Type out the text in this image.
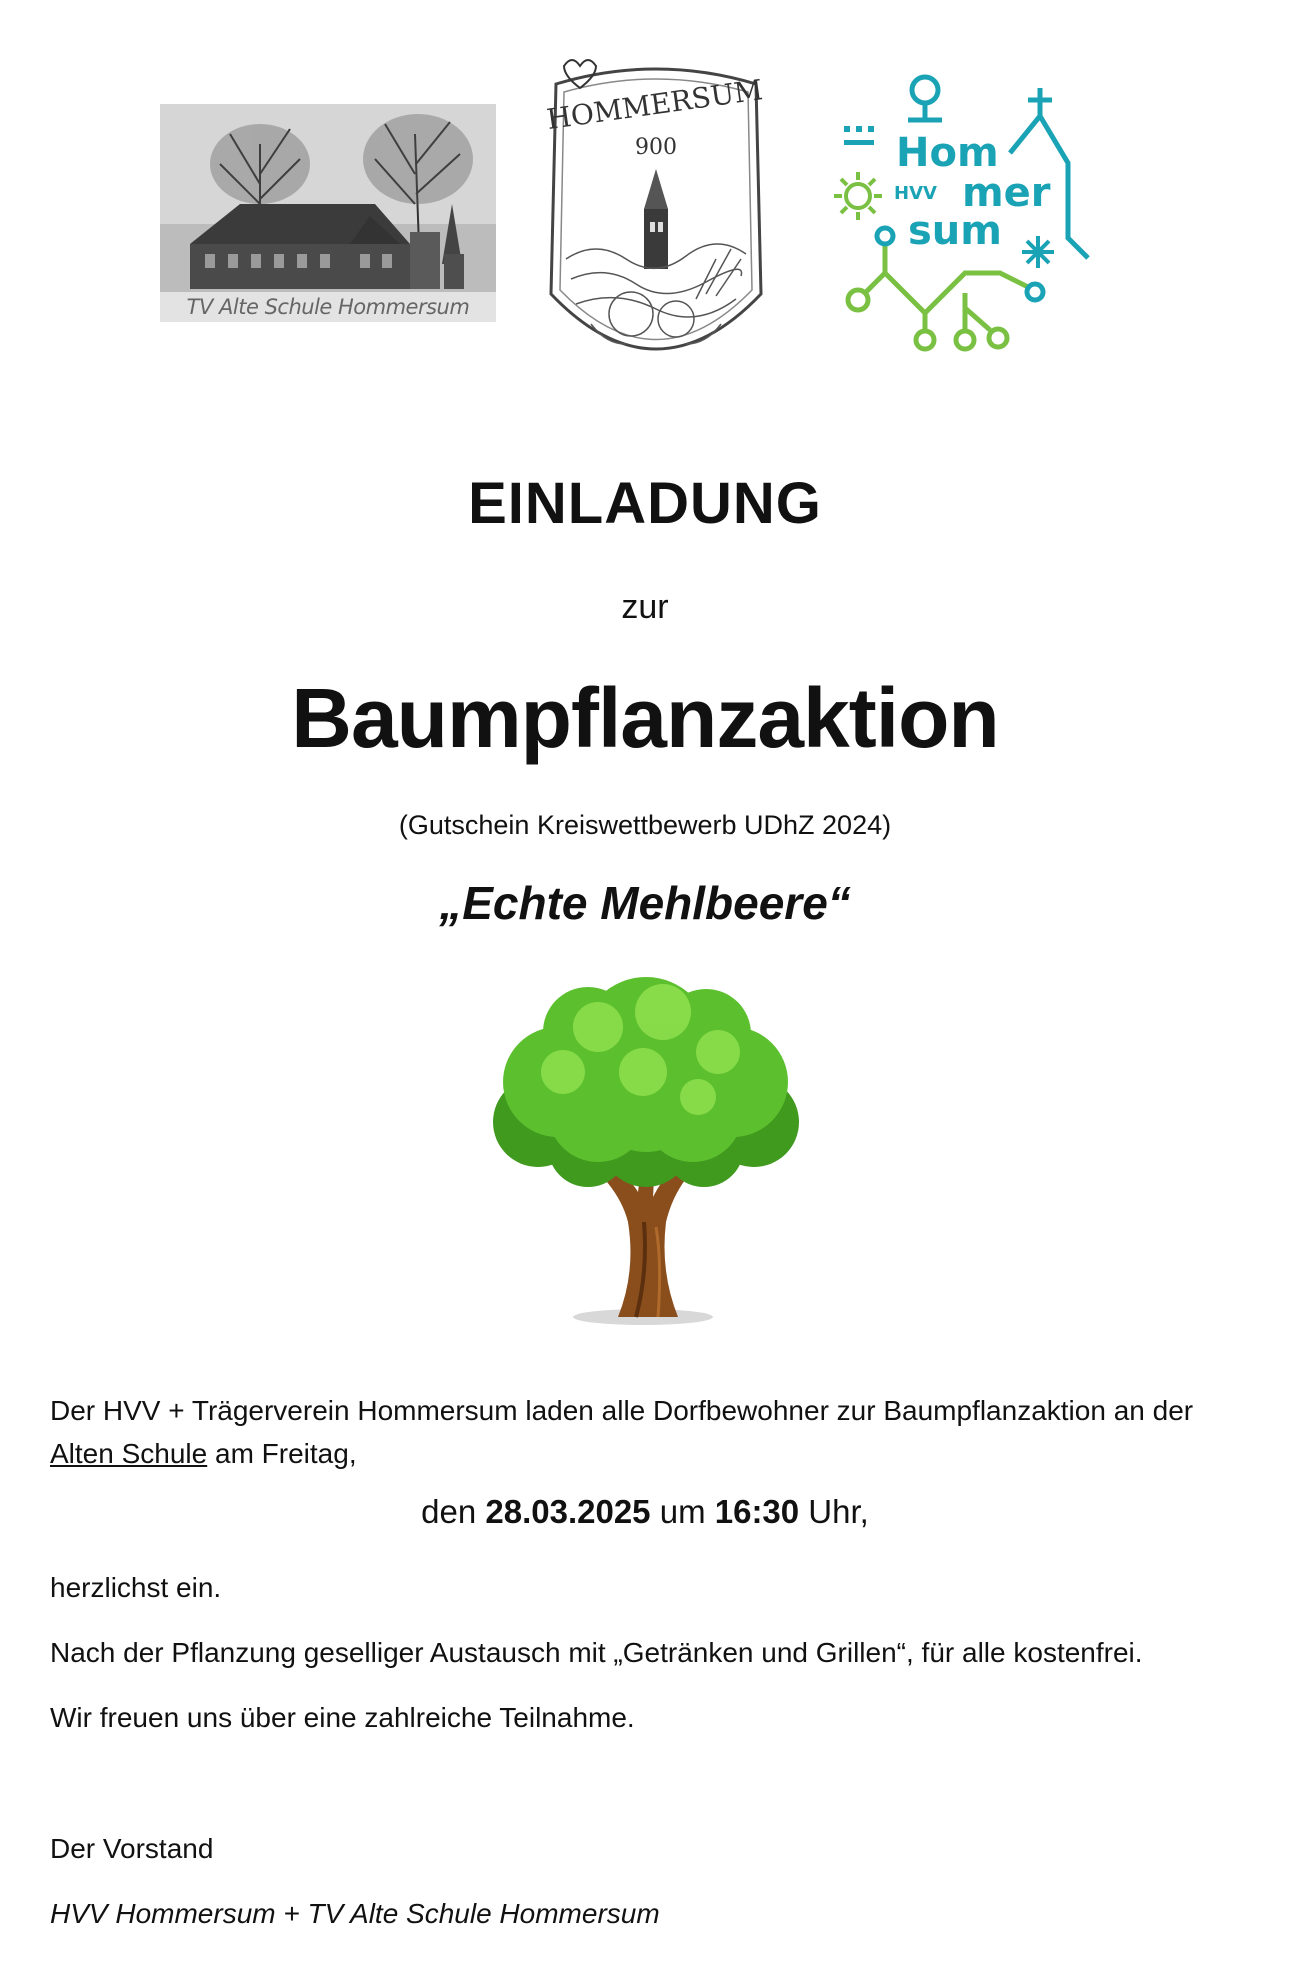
TV Alte Schule Hommersum
HOMMERSUM
900	Hom
HVV mer
sum
EINLADUNG
zur
Baumpflanzaktion
(Gutschein Kreiswettbewerb UDhZ 2024)
„Echte Mehlbeere“
Der HVV + Trägerverein Hommersum laden alle Dorfbewohner zur Baumpflanzaktion an der
Alten Schule am Freitag,
den 28.03.2025 um 16:30 Uhr,
herzlichst ein.
Nach der Pflanzung geselliger Austausch mit „Getränken und Grillen“, für alle kostenfrei.
Wir freuen uns über eine zahlreiche Teilnahme.
Der Vorstand
HVV Hommersum + TV Alte Schule Hommersum
